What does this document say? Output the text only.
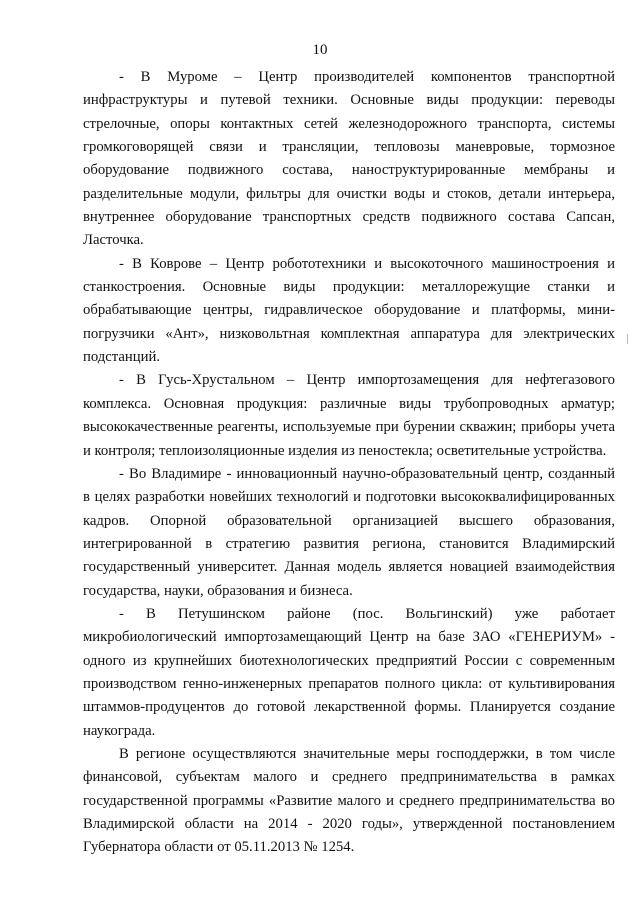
10

- В Муроме – Центр производителей компонентов транспортной инфраструктуры и путевой техники. Основные виды продукции: переводы стрелочные, опоры контактных сетей железнодорожного транспорта, системы громкоговорящей связи и трансляции, тепловозы маневровые, тормозное оборудование подвижного состава, наноструктурированные мембраны и разделительные модули, фильтры для очистки воды и стоков, детали интерьера, внутреннее оборудование транспортных средств подвижного состава Сапсан, Ласточка.

- В Коврове – Центр робототехники и высокоточного машиностроения и станкостроения. Основные виды продукции: металлорежущие станки и обрабатывающие центры, гидравлическое оборудование и платформы, мини-погрузчики «Ант», низковольтная комплектная аппаратура для электрических подстанций.

- В Гусь-Хрустальном – Центр импортозамещения для нефтегазового комплекса. Основная продукция: различные виды трубопроводных арматур; высококачественные реагенты, используемые при бурении скважин; приборы учета и контроля; теплоизоляционные изделия из пеностекла; осветительные устройства.

- Во Владимире - инновационный научно-образовательный центр, созданный в целях разработки новейших технологий и подготовки высококвалифицированных кадров. Опорной образовательной организацией высшего образования, интегрированной в стратегию развития региона, становится Владимирский государственный университет. Данная модель является новацией взаимодействия государства, науки, образования и бизнеса.

- В Петушинском районе (пос. Вольгинский) уже работает микробиологический импортозамещающий Центр на базе ЗАО «ГЕНЕРИУМ» - одного из крупнейших биотехнологических предприятий России с современным производством генно-инженерных препаратов полного цикла: от культивирования штаммов-продуцентов до готовой лекарственной формы. Планируется создание наукограда.

В регионе осуществляются значительные меры господдержки, в том числе финансовой, субъектам малого и среднего предпринимательства в рамках государственной программы «Развитие малого и среднего предпринимательства во Владимирской области на 2014 - 2020 годы», утвержденной постановлением Губернатора области от 05.11.2013 № 1254.
